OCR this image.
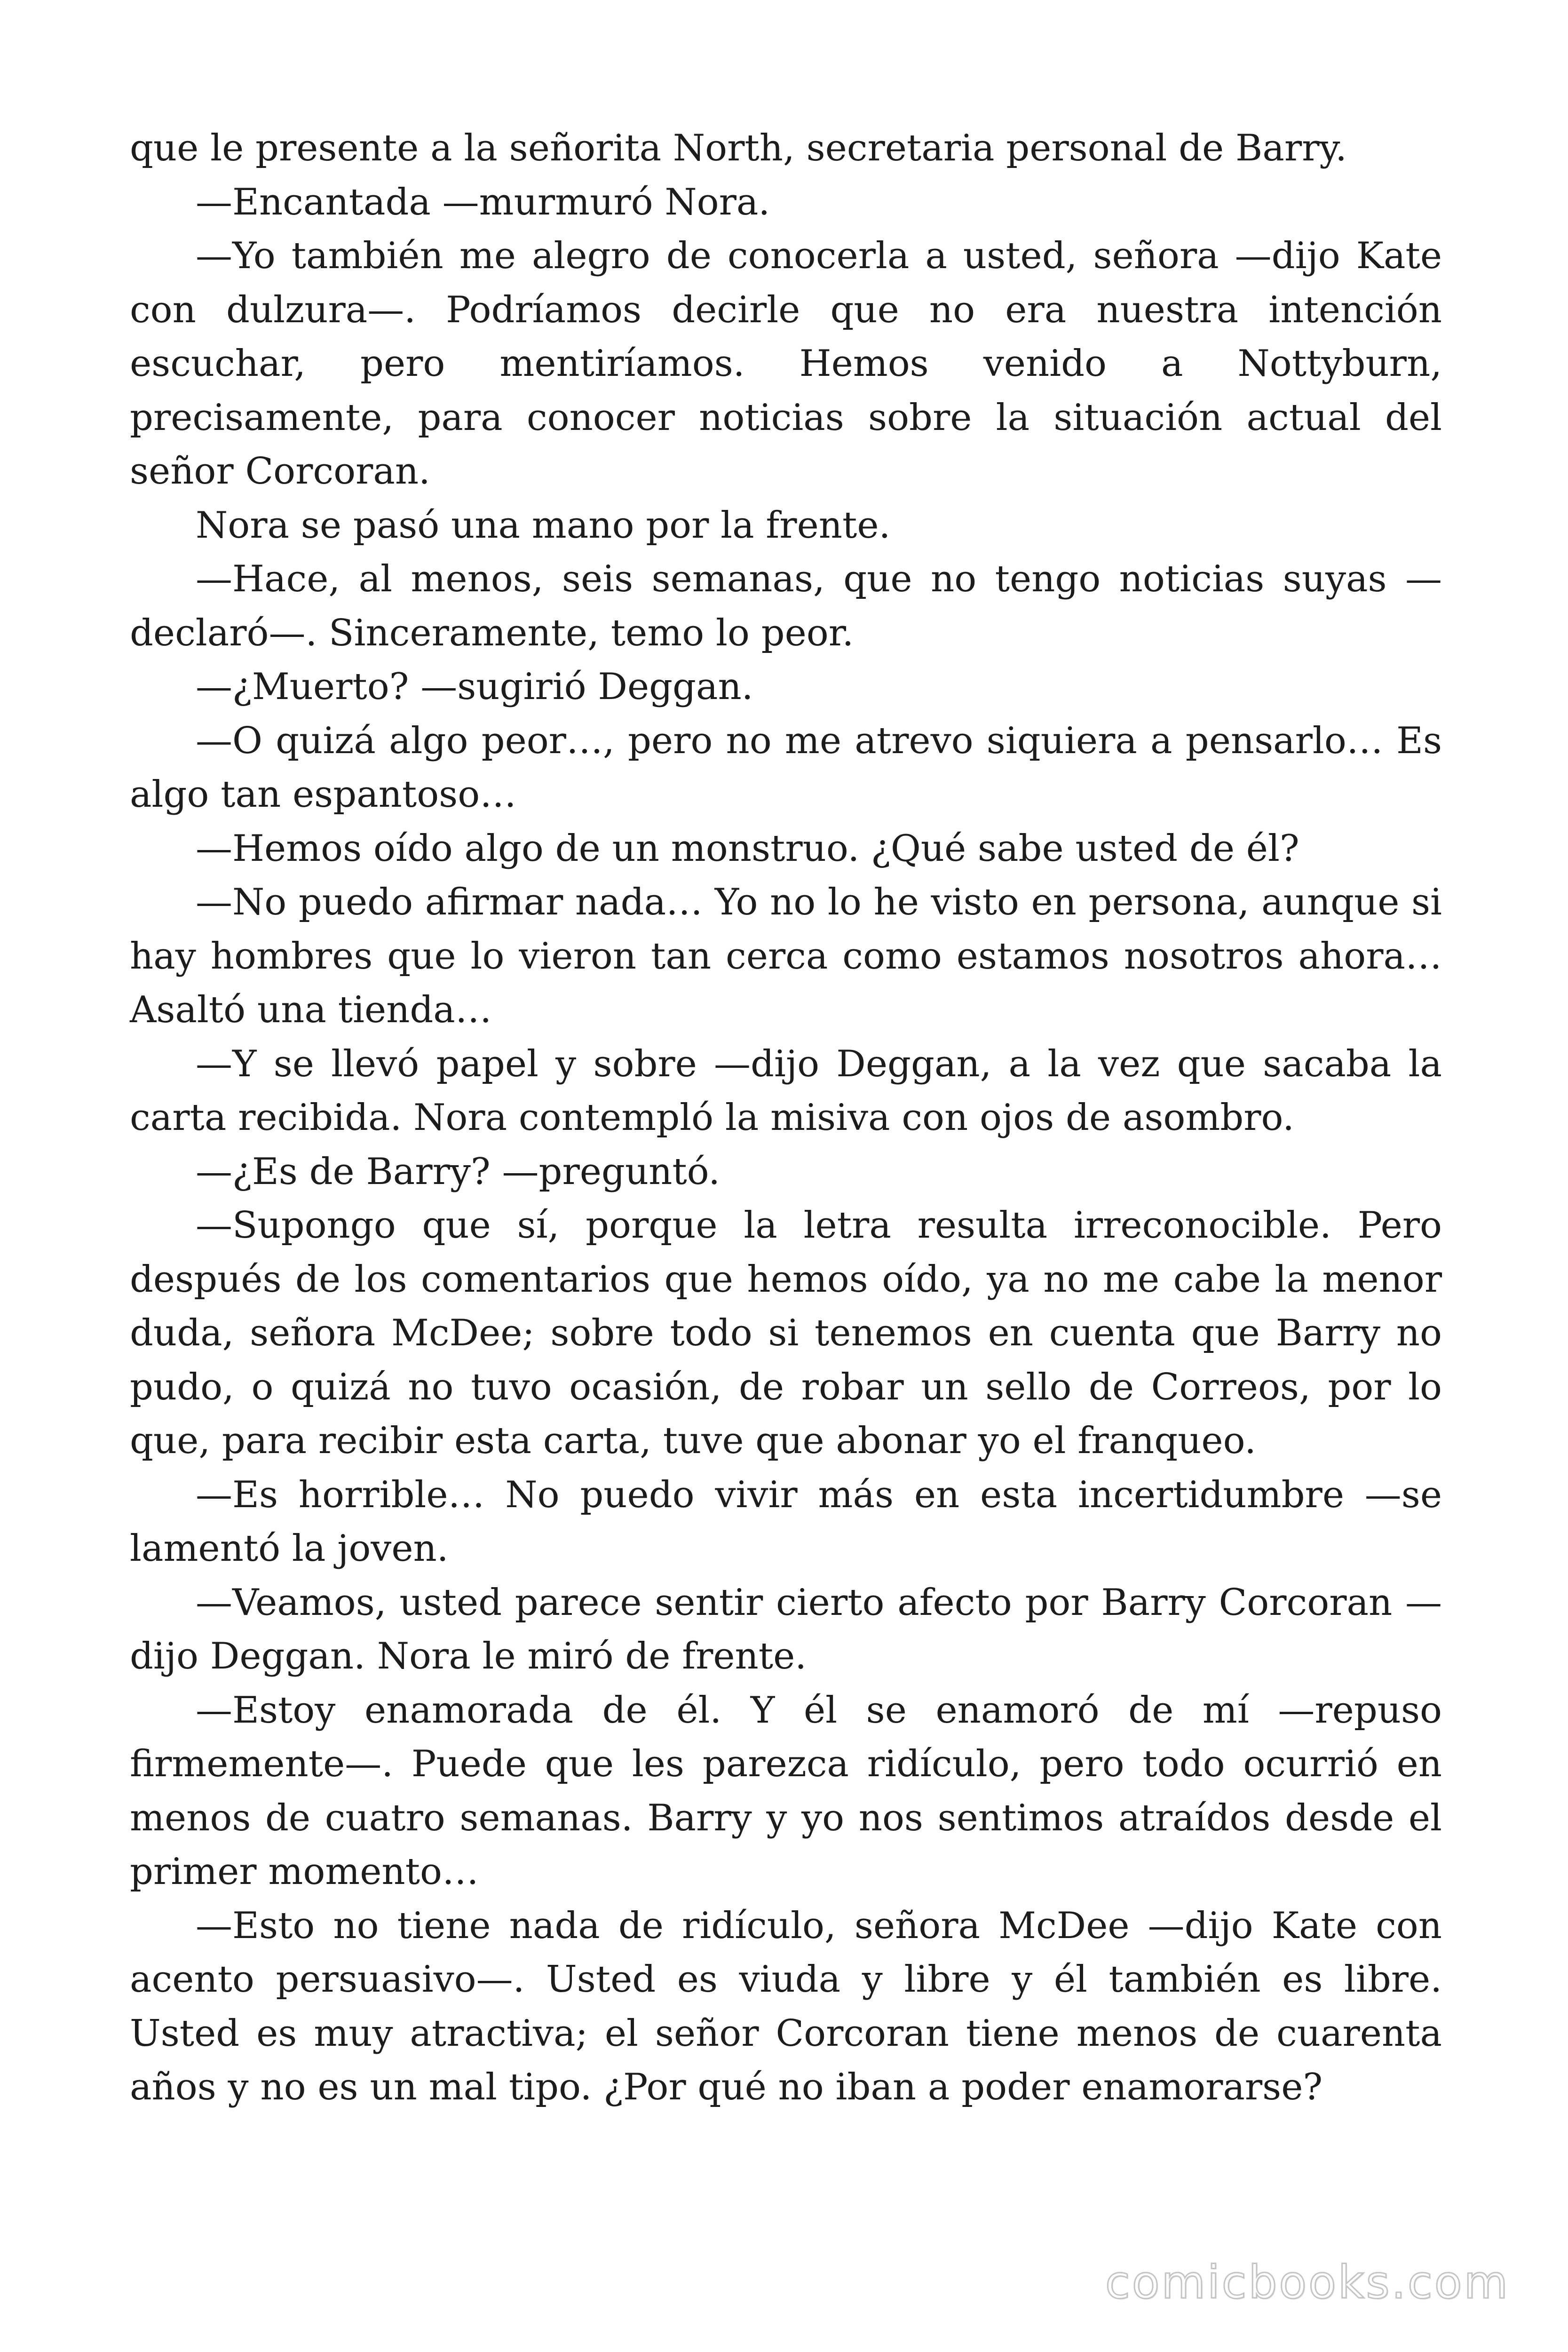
que le presente a la señorita North, secretaria personal de Barry.

—Encantada —murmuró Nora.

—Yo también me alegro de conocerla a usted, señora —dijo Kate con dulzura—. Podríamos decirle que no era nuestra intención escuchar, pero mentiríamos. Hemos venido a Nottyburn, precisamente, para conocer noticias sobre la situación actual del señor Corcoran.

Nora se pasó una mano por la frente.

—Hace, al menos, seis semanas, que no tengo noticias suyas —declaró—. Sinceramente, temo lo peor.

—¿Muerto? —sugirió Deggan.

—O quizá algo peor…, pero no me atrevo siquiera a pensarlo… Es algo tan espantoso…

—Hemos oído algo de un monstruo. ¿Qué sabe usted de él?

—No puedo afirmar nada… Yo no lo he visto en persona, aunque si hay hombres que lo vieron tan cerca como estamos nosotros ahora… Asaltó una tienda…

—Y se llevó papel y sobre —dijo Deggan, a la vez que sacaba la carta recibida. Nora contempló la misiva con ojos de asombro.

—¿Es de Barry? —preguntó.

—Supongo que sí, porque la letra resulta irreconocible. Pero después de los comentarios que hemos oído, ya no me cabe la menor duda, señora McDee; sobre todo si tenemos en cuenta que Barry no pudo, o quizá no tuvo ocasión, de robar un sello de Correos, por lo que, para recibir esta carta, tuve que abonar yo el franqueo.

—Es horrible… No puedo vivir más en esta incertidumbre —se lamentó la joven.

—Veamos, usted parece sentir cierto afecto por Barry Corcoran —dijo Deggan. Nora le miró de frente.

—Estoy enamorada de él. Y él se enamoró de mí —repuso firmemente—. Puede que les parezca ridículo, pero todo ocurrió en menos de cuatro semanas. Barry y yo nos sentimos atraídos desde el primer momento…

—Esto no tiene nada de ridículo, señora McDee —dijo Kate con acento persuasivo—. Usted es viuda y libre y él también es libre. Usted es muy atractiva; el señor Corcoran tiene menos de cuarenta años y no es un mal tipo. ¿Por qué no iban a poder enamorarse?

comicbooks.com
